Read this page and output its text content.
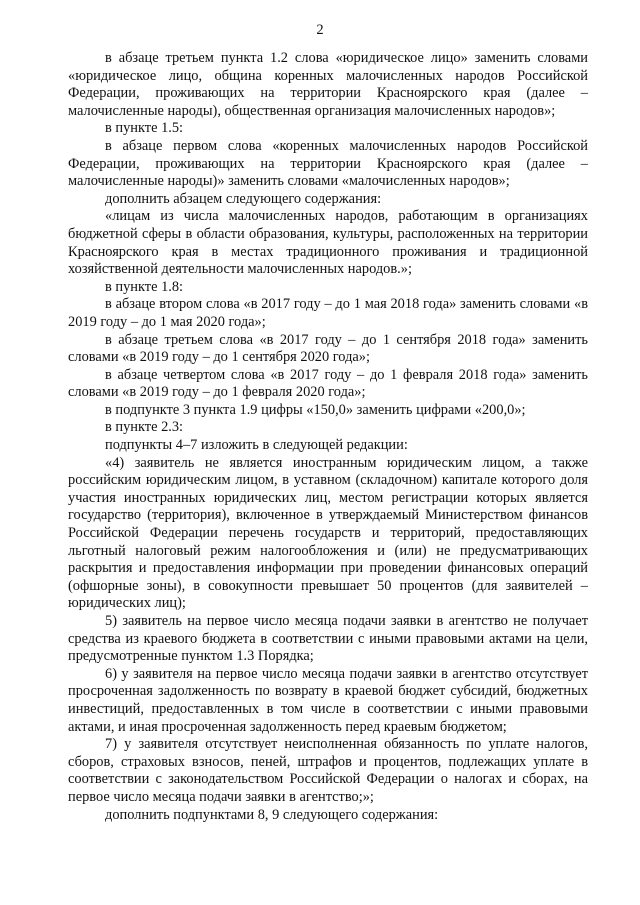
2

в абзаце третьем пункта 1.2 слова «юридическое лицо» заменить словами «юридическое лицо, община коренных малочисленных народов Российской Федерации, проживающих на территории Красноярского края (далее – малочисленные народы), общественная организация малочисленных народов»;

в пункте 1.5:

в абзаце первом слова «коренных малочисленных народов Российской Федерации, проживающих на территории Красноярского края (далее – малочисленные народы)» заменить словами «малочисленных народов»;

дополнить абзацем следующего содержания:

«лицам из числа малочисленных народов, работающим в организациях бюджетной сферы в области образования, культуры, расположенных на территории Красноярского края в местах традиционного проживания и традиционной хозяйственной деятельности малочисленных народов.»;

в пункте 1.8:

в абзаце втором слова «в 2017 году – до 1 мая 2018 года» заменить словами «в 2019 году – до 1 мая 2020 года»;

в абзаце третьем слова «в 2017 году – до 1 сентября 2018 года» заменить словами «в 2019 году – до 1 сентября 2020 года»;

в абзаце четвертом слова «в 2017 году – до 1 февраля 2018 года» заменить словами «в 2019 году – до 1 февраля 2020 года»;

в подпункте 3 пункта 1.9 цифры «150,0» заменить цифрами «200,0»;

в пункте 2.3:

подпункты 4–7 изложить в следующей редакции:

«4) заявитель не является иностранным юридическим лицом, а также российским юридическим лицом, в уставном (складочном) капитале которого доля участия иностранных юридических лиц, местом регистрации которых является государство (территория), включенное в утверждаемый Министерством финансов Российской Федерации перечень государств и территорий, предоставляющих льготный налоговый режим налогообложения и (или) не предусматривающих раскрытия и предоставления информации при проведении финансовых операций (офшорные зоны), в совокупности превышает 50 процентов (для заявителей – юридических лиц);

5) заявитель на первое число месяца подачи заявки в агентство не получает средства из краевого бюджета в соответствии с иными правовыми актами на цели, предусмотренные пунктом 1.3 Порядка;

6) у заявителя на первое число месяца подачи заявки в агентство отсутствует просроченная задолженность по возврату в краевой бюджет субсидий, бюджетных инвестиций, предоставленных в том числе в соответствии с иными правовыми актами, и иная просроченная задолженность перед краевым бюджетом;

7) у заявителя отсутствует неисполненная обязанность по уплате налогов, сборов, страховых взносов, пеней, штрафов и процентов, подлежащих уплате в соответствии с законодательством Российской Федерации о налогах и сборах, на первое число месяца подачи заявки в агентство;»;

дополнить подпунктами 8, 9 следующего содержания:
